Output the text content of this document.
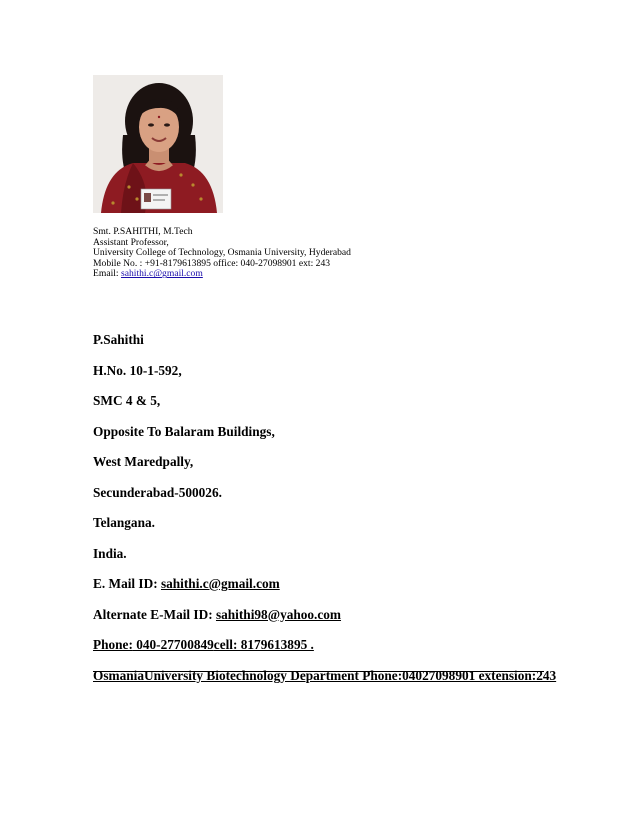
Smt. P.SAHITHI, M.Tech
Assistant Professor,
University College of Technology, Osmania University, Hyderabad
Mobile No. : +91-8179613895 office: 040-27098901 ext: 243
Email: sahithi.c@gmail.com
P.Sahithi
H.No. 10-1-592,
SMC 4 & 5,
Opposite To Balaram Buildings,
West Maredpally,
Secunderabad-500026.
Telangana.
India.
E. Mail ID: sahithi.c@gmail.com
Alternate E-Mail ID: sahithi98@yahoo.com
Phone: 040-27700849cell: 8179613895 .
OsmaniaUniversity Biotechnology Department Phone:04027098901 extension:243
